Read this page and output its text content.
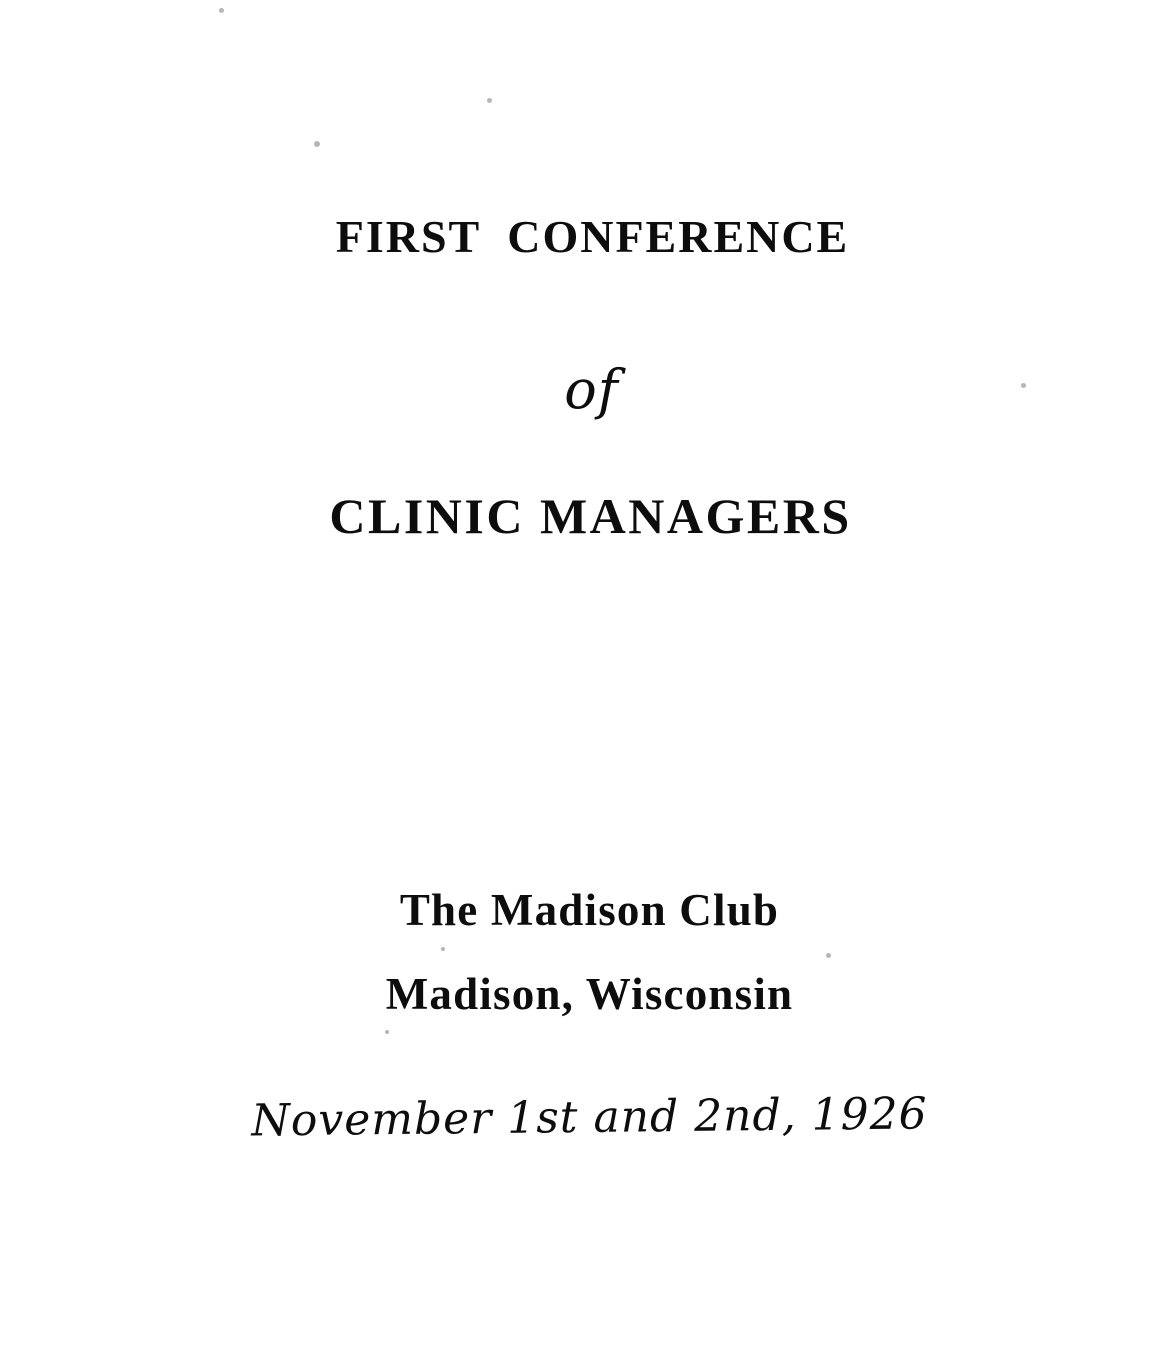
first conference
of
CLINIC MANAGERS
The Madison Club
Madison, Wisconsin
November 1st and 2nd, 1926
